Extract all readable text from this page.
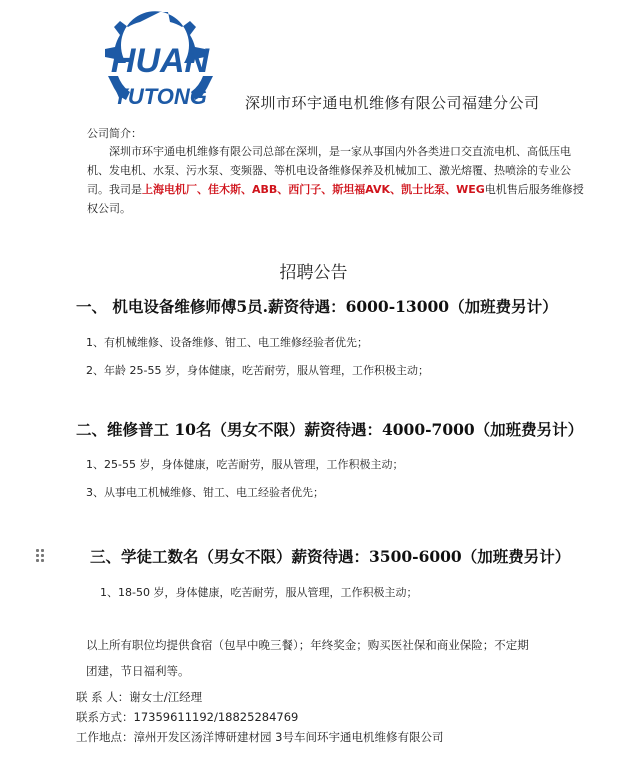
HUAN
YUTONG	深圳市环宇通电机维修有限公司福建分公司
公司简介：
深圳市环宇通电机维修有限公司总部在深圳，是一家从事国内外各类进口交直流电机、高低压电机、发电机、水泵、污水泵、变频器、等机电设备维修保养及机械加工、激光熔覆、热喷涂的专业公司。我司是上海电机厂、佳木斯、ABB、西门子、斯坦福AVK、凯士比泵、WEG电机售后服务维修授权公司。
招聘公告
一、 机电设备维修师傅5员.薪资待遇：6000-13000（加班费另计）
1、有机械维修、设备维修、钳工、电工维修经验者优先；
2、年龄 25-55 岁，身体健康，吃苦耐劳，服从管理，工作积极主动；
二、维修普工 10名（男女不限）薪资待遇：4000-7000（加班费另计）
1、25-55 岁，身体健康，吃苦耐劳，服从管理，工作积极主动；
3、从事电工机械维修、钳工、电工经验者优先；
三、学徒工数名（男女不限）薪资待遇：3500-6000（加班费另计）
1、18-50 岁，身体健康，吃苦耐劳，服从管理，工作积极主动；
以上所有职位均提供食宿（包早中晚三餐）；年终奖金；购买医社保和商业保险；不定期
团建，节日福利等。
联 系 人：谢女士/江经理
联系方式：17359611192/18825284769
工作地点：漳州开发区汤洋博研建材园 3号车间环宇通电机维修有限公司
